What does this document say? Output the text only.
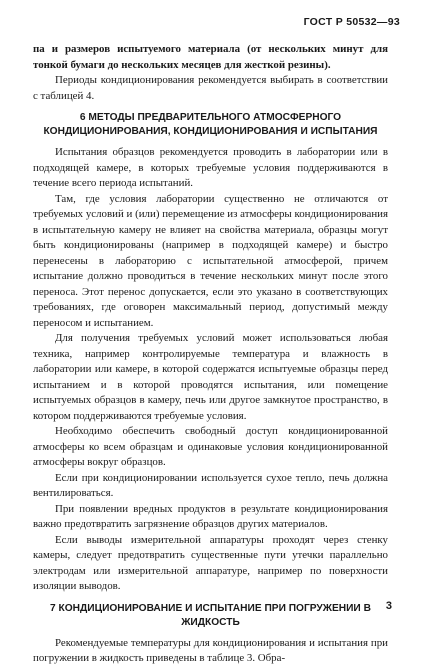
ГОСТ Р 50532—93

па и размеров испытуемого материала (от нескольких минут для тонкой бумаги до нескольких месяцев для жесткой резины).

Периоды кондиционирования рекомендуется выбирать в соответствии с таблицей 4.

6 МЕТОДЫ ПРЕДВАРИТЕЛЬНОГО АТМОСФЕРНОГО КОНДИЦИОНИРОВАНИЯ, КОНДИЦИОНИРОВАНИЯ И ИСПЫТАНИЯ

Испытания образцов рекомендуется проводить в лаборатории или в подходящей камере, в которых требуемые условия поддерживаются в течение всего периода испытаний.

Там, где условия лаборатории существенно не отличаются от требуемых условий и (или) перемещение из атмосферы кондиционирования в испытательную камеру не влияет на свойства материала, образцы могут быть кондиционированы (например в подходящей камере) и быстро перенесены в лабораторию с испытательной атмосферой, причем испытание должно проводиться в течение нескольких минут после этого переноса. Этот перенос допускается, если это указано в соответствующих требованиях, где оговорен максимальный период, допустимый между переносом и испытанием.

Для получения требуемых условий может использоваться любая техника, например контролируемые температура и влажность в лаборатории или камере, в которой содержатся испытуемые образцы перед испытанием и в которой проводятся испытания, или помещение испытуемых образцов в камеру, печь или другое замкнутое пространство, в котором поддерживаются требуемые условия.

Необходимо обеспечить свободный доступ кондиционированной атмосферы ко всем образцам и одинаковые условия кондиционированной атмосферы вокруг образцов.

Если при кондиционировании используется сухое тепло, печь должна вентилироваться.

При появлении вредных продуктов в результате кондиционирования важно предотвратить загрязнение образцов других материалов.

Если выводы измерительной аппаратуры проходят через стенку камеры, следует предотвратить существенные пути утечки параллельно электродам или измерительной аппаратуре, например по поверхности изоляции выводов.

7 КОНДИЦИОНИРОВАНИЕ И ИСПЫТАНИЕ ПРИ ПОГРУЖЕНИИ В ЖИДКОСТЬ

Рекомендуемые температуры для кондиционирования и испытания при погружении в жидкость приведены в таблице 3. Обра-

3
